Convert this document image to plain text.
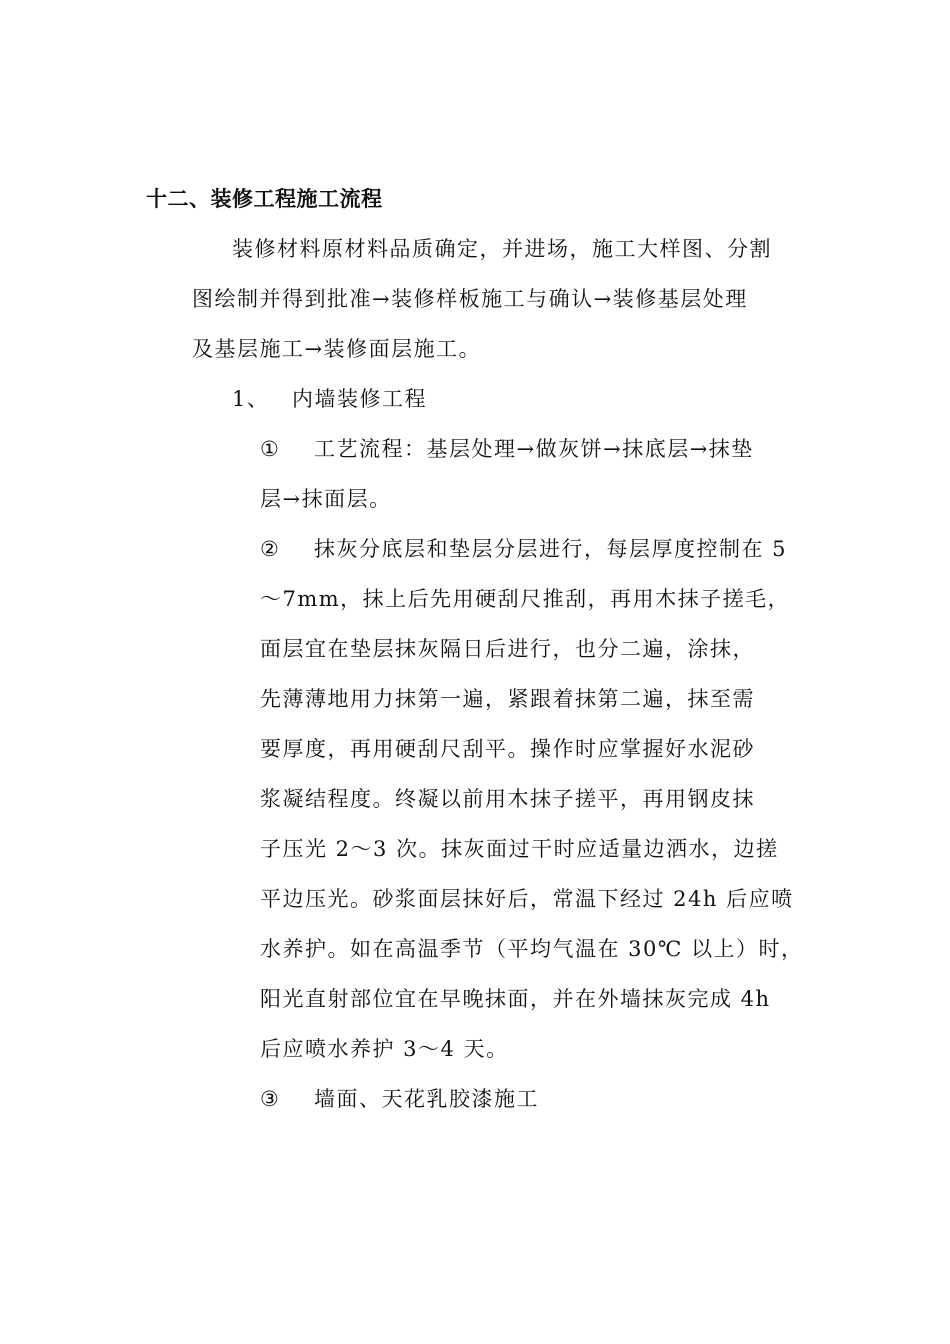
十二、装修工程施工流程
装修材料原材料品质确定，并进场，施工大样图、分割
图绘制并得到批准→装修样板施工与确认→装修基层处理
及基层施工→装修面层施工。
1、 内墙装修工程
① 工艺流程：基层处理→做灰饼→抹底层→抹垫
层→抹面层。
② 抹灰分底层和垫层分层进行，每层厚度控制在 5
～7mm，抹上后先用硬刮尺推刮，再用木抹子搓毛，
面层宜在垫层抹灰隔日后进行，也分二遍，涂抹，
先薄薄地用力抹第一遍，紧跟着抹第二遍，抹至需
要厚度，再用硬刮尺刮平。操作时应掌握好水泥砂
浆凝结程度。终凝以前用木抹子搓平，再用钢皮抹
子压光 2～3 次。抹灰面过干时应适量边洒水，边搓
平边压光。砂浆面层抹好后，常温下经过 24h 后应喷
水养护。如在高温季节（平均气温在 30℃ 以上）时，
阳光直射部位宜在早晚抹面，并在外墙抹灰完成 4h
后应喷水养护 3～4 天。
③ 墙面、天花乳胶漆施工
